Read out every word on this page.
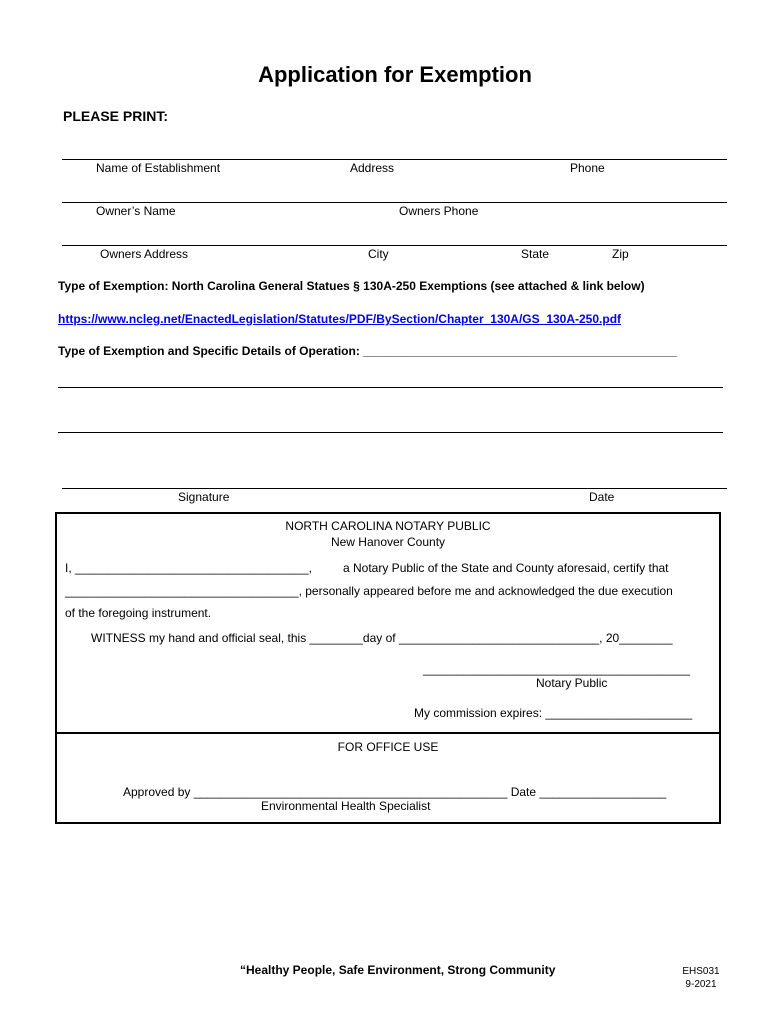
Application for Exemption
PLEASE PRINT:
Name of Establishment	Address	Phone
Owner’s Name	Owners Phone
Owners Address	City	State	Zip
Type of Exemption: North Carolina General Statues § 130A-250 Exemptions (see attached & link below)
https://www.ncleg.net/EnactedLegislation/Statutes/PDF/BySection/Chapter_130A/GS_130A-250.pdf
Type of Exemption and Specific Details of Operation: _______________________________________________
Signature	Date
NORTH CAROLINA NOTARY PUBLIC
New Hanover County
I, ___________________________________,	a Notary Public of the State and County aforesaid, certify that
___________________________________, personally appeared before me and acknowledged the due execution
of the foregoing instrument.
WITNESS my hand and official seal, this ________day of ______________________________, 20________
________________________________________
Notary Public
My commission expires: ______________________
FOR OFFICE USE
Approved by _______________________________________________ Date ___________________
Environmental Health Specialist
“Healthy People, Safe Environment, Strong Community	EHS031
9-2021
